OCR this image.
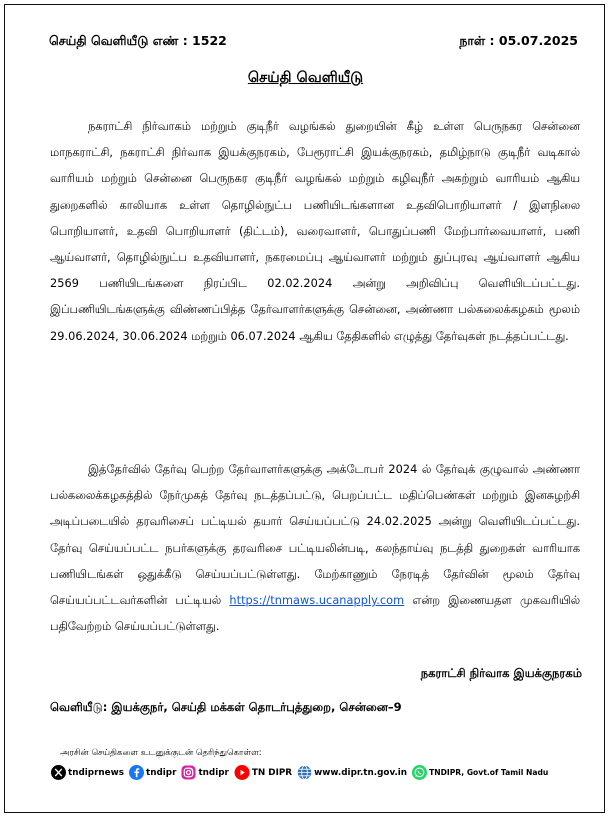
செய்தி வெளியீடு எண் : 1522	நாள் : 05.07.2025
செய்தி வெளியீடு
நகராட்சி நிர்வாகம் மற்றும் குடிநீர் வழங்கல் துறையின் கீழ் உள்ள பெருநகர சென்னை மாநகராட்சி, நகராட்சி நிர்வாக இயக்குநரகம், பேரூராட்சி இயக்குநரகம், தமிழ்நாடு குடிநீர் வடிகால் வாரியம் மற்றும் சென்னை பெருநகர குடிநீர் வழங்கல் மற்றும் கழிவுநீர் அகற்றும் வாரியம் ஆகிய துறைகளில் காலியாக உள்ள தொழில்நுட்ப பணியிடங்களான உதவிபொறியாளர் / இளநிலை பொறியாளர், உதவி பொறியாளர் (திட்டம்), வரைவாளர், பொதுப்பணி மேற்பார்வையாளர், பணி ஆய்வாளர், தொழில்நுட்ப உதவியாளர், நகரமைப்பு ஆய்வாளர் மற்றும் துப்புரவு ஆய்வாளர் ஆகிய 2569 பணியிடங்களை நிரப்பிட 02.02.2024 அன்று அறிவிப்பு வெளியிடப்பட்டது. இப்பணியிடங்களுக்கு விண்ணப்பித்த தேர்வாளர்களுக்கு சென்னை, அண்ணா பல்கலைக்கழகம் மூலம் 29.06.2024, 30.06.2024 மற்றும் 06.07.2024 ஆகிய தேதிகளில் எழுத்து தேர்வுகள் நடத்தப்பட்டது.
இத்தேர்வில் தேர்வு பெற்ற தேர்வாளர்களுக்கு அக்டோபர் 2024 ல் தேர்வுக் குழுவால் அண்ணா பல்கலைக்கழகத்தில் நேர்முகத் தேர்வு நடத்தப்பட்டு, பெறப்பட்ட மதிப்பெண்கள் மற்றும் இனசுழற்சி அடிப்படையில் தரவரிசைப் பட்டியல் தயார் செய்யப்பட்டு 24.02.2025 அன்று வெளியிடப்பட்டது. தேர்வு செய்யப்பட்ட நபர்களுக்கு தரவரிசை பட்டியலின்படி, கலந்தாய்வு நடத்தி துறைகள் வாரியாக பணியிடங்கள் ஒதுக்கீடு செய்யப்பட்டுள்ளது. மேற்காணும் நேரடித் தேர்வின் மூலம் தேர்வு செய்யப்பட்டவர்களின் பட்டியல் https://tnmaws.ucanapply.com என்ற இணையதள முகவரியில் பதிவேற்றம் செய்யப்பட்டுள்ளது.
நகராட்சி நிர்வாக இயக்குநரகம்
வெளியீடு: இயக்குநர், செய்தி மக்கள் தொடர்புத்துறை, சென்னை–9
அரசின் செய்திகளை உடனுக்குடன் தெரிந்துகொள்ள:
tndiprnews	tndipr	tndipr	TN DIPR	www.dipr.tn.gov.in	TNDIPR, Govt.of Tamil Nadu
